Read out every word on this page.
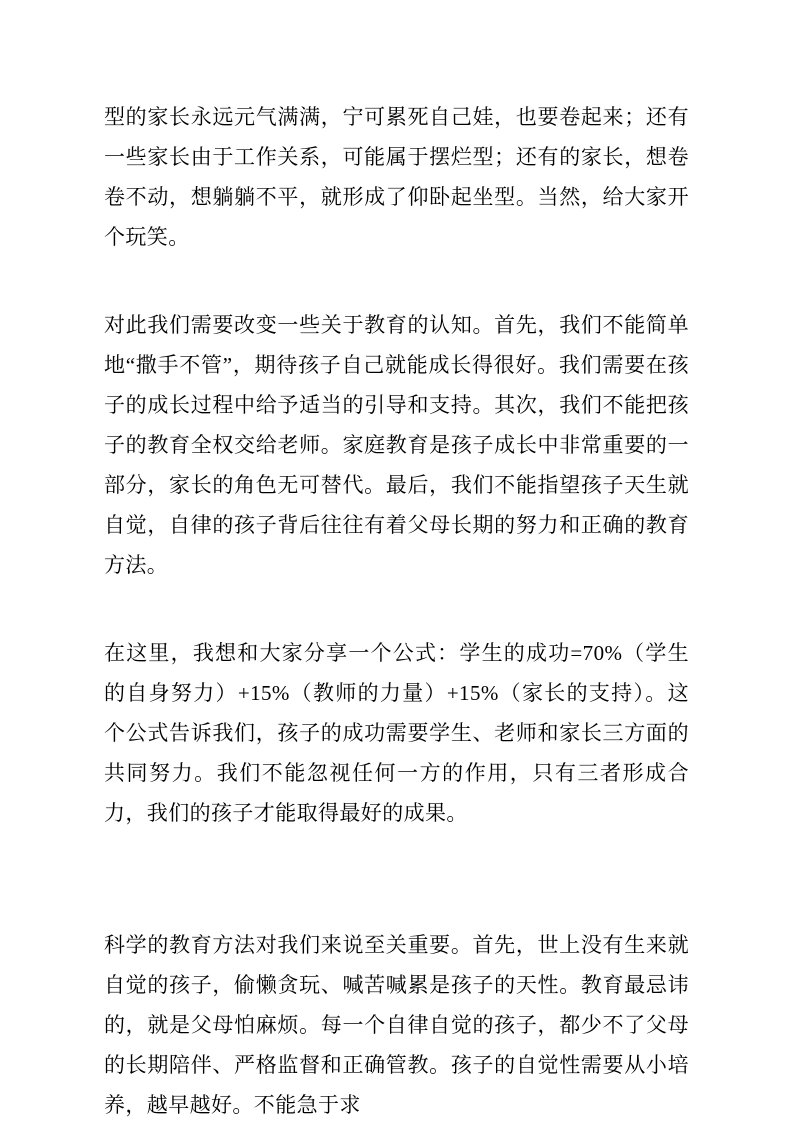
型的家长永远元气满满，宁可累死自己娃，也要卷起来；还有一些家长由于工作关系，可能属于摆烂型；还有的家长，想卷卷不动，想躺躺不平，就形成了仰卧起坐型。当然，给大家开个玩笑。

对此我们需要改变一些关于教育的认知。首先，我们不能简单地“撒手不管”，期待孩子自己就能成长得很好。我们需要在孩子的成长过程中给予适当的引导和支持。其次，我们不能把孩子的教育全权交给老师。家庭教育是孩子成长中非常重要的一部分，家长的角色无可替代。最后，我们不能指望孩子天生就自觉，自律的孩子背后往往有着父母长期的努力和正确的教育方法。

在这里，我想和大家分享一个公式：学生的成功=70%（学生的自身努力）+15%（教师的力量）+15%（家长的支持）。这个公式告诉我们，孩子的成功需要学生、老师和家长三方面的共同努力。我们不能忽视任何一方的作用，只有三者形成合力，我们的孩子才能取得最好的成果。

科学的教育方法对我们来说至关重要。首先，世上没有生来就自觉的孩子，偷懒贪玩、喊苦喊累是孩子的天性。教育最忌讳的，就是父母怕麻烦。每一个自律自觉的孩子，都少不了父母的长期陪伴、严格监督和正确管教。孩子的自觉性需要从小培养，越早越好。不能急于求
